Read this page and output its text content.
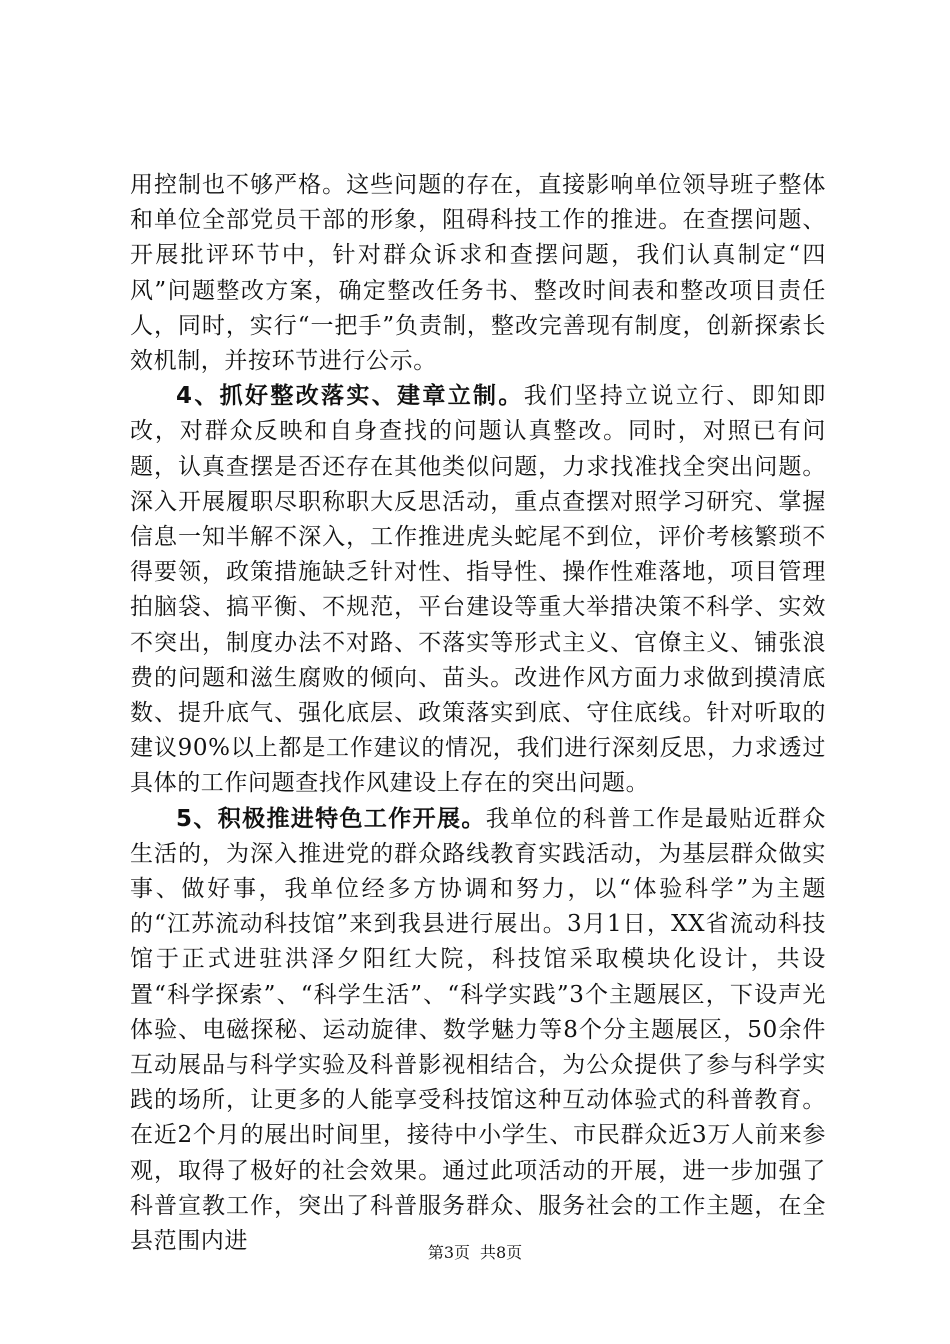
用控制也不够严格。这些问题的存在，直接影响单位领导班子整体和单位全部党员干部的形象，阻碍科技工作的推进。在查摆问题、开展批评环节中，针对群众诉求和查摆问题，我们认真制定“四风”问题整改方案，确定整改任务书、整改时间表和整改项目责任人，同时，实行“一把手”负责制，整改完善现有制度，创新探索长效机制，并按环节进行公示。

4、抓好整改落实、建章立制。我们坚持立说立行、即知即改，对群众反映和自身查找的问题认真整改。同时，对照已有问题，认真查摆是否还存在其他类似问题，力求找准找全突出问题。深入开展履职尽职称职大反思活动，重点查摆对照学习研究、掌握信息一知半解不深入，工作推进虎头蛇尾不到位，评价考核繁琐不得要领，政策措施缺乏针对性、指导性、操作性难落地，项目管理拍脑袋、搞平衡、不规范，平台建设等重大举措决策不科学、实效不突出，制度办法不对路、不落实等形式主义、官僚主义、铺张浪费的问题和滋生腐败的倾向、苗头。改进作风方面力求做到摸清底数、提升底气、强化底层、政策落实到底、守住底线。针对听取的建议90%以上都是工作建议的情况，我们进行深刻反思，力求透过具体的工作问题查找作风建设上存在的突出问题。

5、积极推进特色工作开展。我单位的科普工作是最贴近群众生活的，为深入推进党的群众路线教育实践活动，为基层群众做实事、做好事，我单位经多方协调和努力，以“体验科学”为主题的“江苏流动科技馆”来到我县进行展出。3月1日，XX省流动科技馆于正式进驻洪泽夕阳红大院，科技馆采取模块化设计，共设置“科学探索”、“科学生活”、“科学实践”3个主题展区，下设声光体验、电磁探秘、运动旋律、数学魅力等8个分主题展区，50余件互动展品与科学实验及科普影视相结合，为公众提供了参与科学实践的场所，让更多的人能享受科技馆这种互动体验式的科普教育。在近2个月的展出时间里，接待中小学生、市民群众近3万人前来参观，取得了极好的社会效果。通过此项活动的开展，进一步加强了科普宣教工作，突出了科普服务群众、服务社会的工作主题，在全县范围内进	第3页 共8页
